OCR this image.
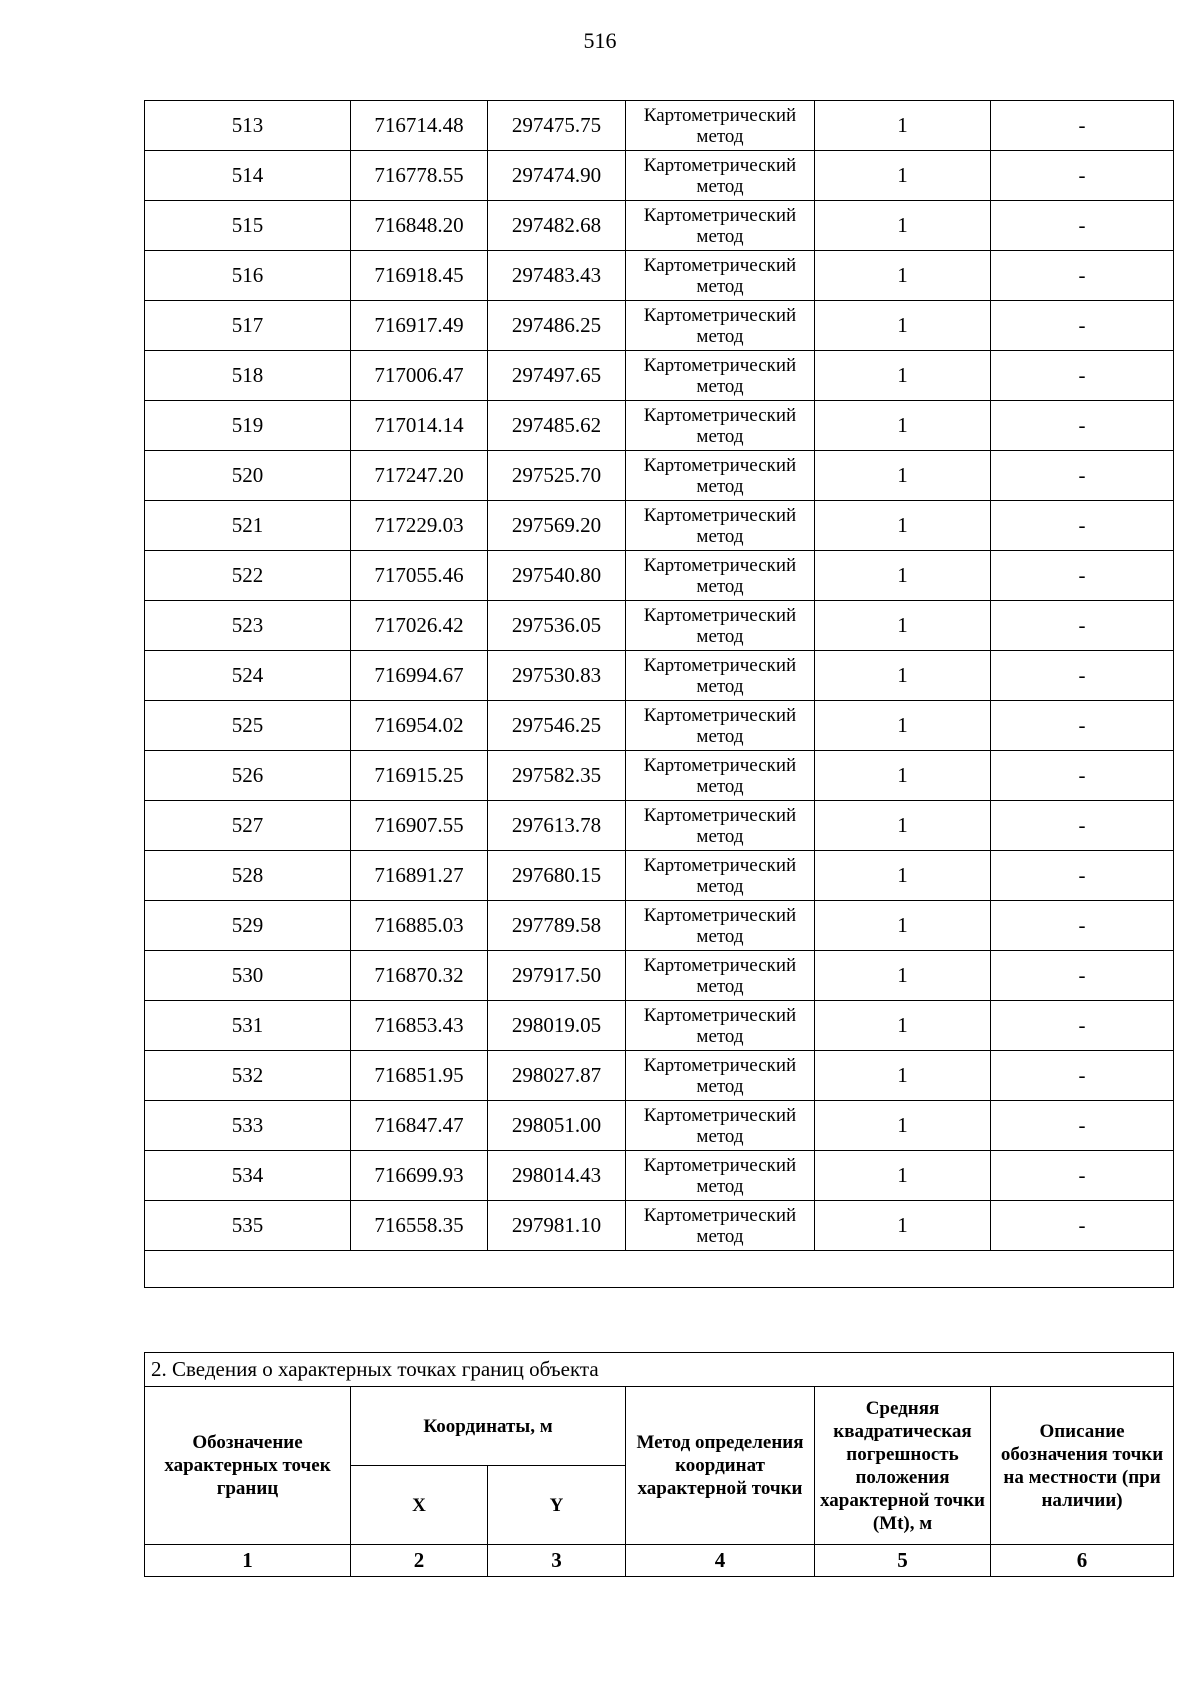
516
513	716714.48	297475.75	Картометрический метод	1	-
514	716778.55	297474.90	Картометрический метод	1	-
515	716848.20	297482.68	Картометрический метод	1	-
516	716918.45	297483.43	Картометрический метод	1	-
517	716917.49	297486.25	Картометрический метод	1	-
518	717006.47	297497.65	Картометрический метод	1	-
519	717014.14	297485.62	Картометрический метод	1	-
520	717247.20	297525.70	Картометрический метод	1	-
521	717229.03	297569.20	Картометрический метод	1	-
522	717055.46	297540.80	Картометрический метод	1	-
523	717026.42	297536.05	Картометрический метод	1	-
524	716994.67	297530.83	Картометрический метод	1	-
525	716954.02	297546.25	Картометрический метод	1	-
526	716915.25	297582.35	Картометрический метод	1	-
527	716907.55	297613.78	Картометрический метод	1	-
528	716891.27	297680.15	Картометрический метод	1	-
529	716885.03	297789.58	Картометрический метод	1	-
530	716870.32	297917.50	Картометрический метод	1	-
531	716853.43	298019.05	Картометрический метод	1	-
532	716851.95	298027.87	Картометрический метод	1	-
533	716847.47	298051.00	Картометрический метод	1	-
534	716699.93	298014.43	Картометрический метод	1	-
535	716558.35	297981.10	Картометрический метод	1	-

2. Сведения о характерных точках границ объекта					
Обозначение характерных точек границ	Координаты, м		Метод определения координат характерной точки	Средняя квадратическая погрешность положения характерной точки (Mt), м	Описание обозначения точки на местности (при наличии)
	X	Y			
1	2	3	4	5	6
